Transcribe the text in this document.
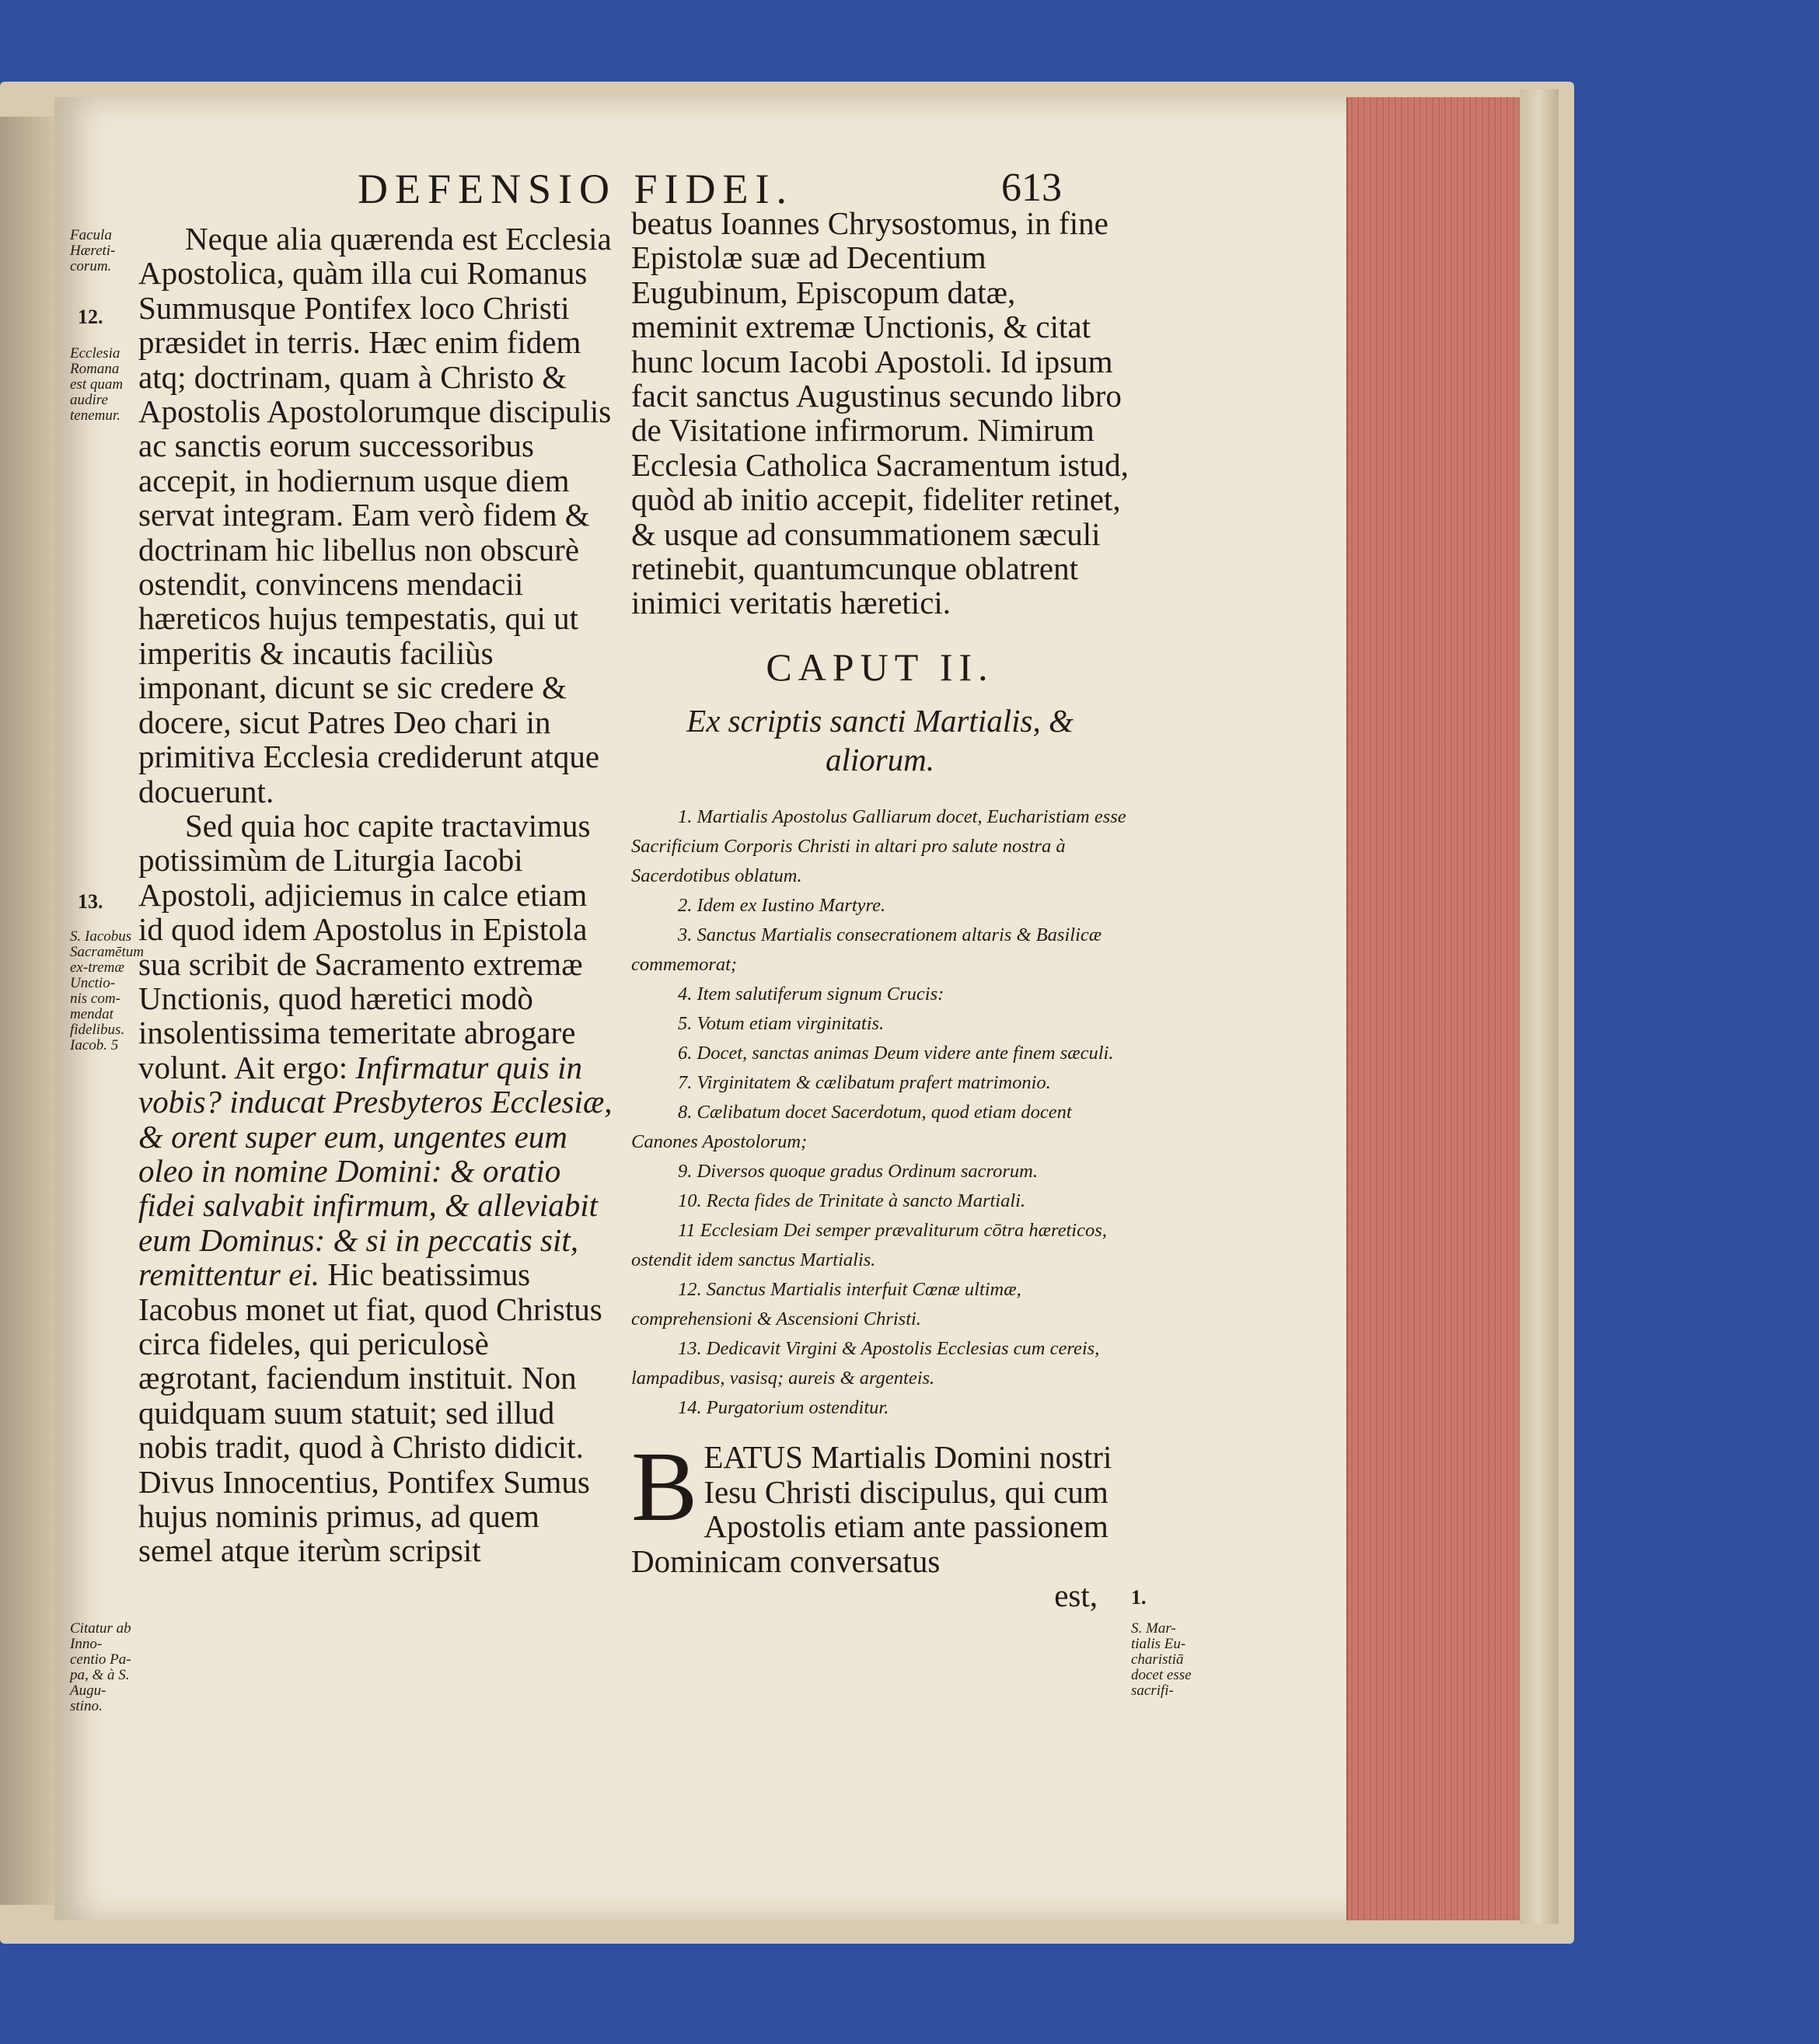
DEFENSIO FIDEI.	613
Facula Hæreti-corum.
12.
Ecclesia Romana est quam audire tenemur.
13.
S. Iacobus Sacramētum ex-tremæ Unctio-nis com-mendat fidelibus. Iacob. 5
Citatur ab Inno-centio Pa-pa, & à S. Augu-stino.
1.
S. Mar-tialis Eu-charistiā docet esse sacrifi-

Neque alia quærenda est Ecclesia Apostolica, quàm illa cui Romanus Summusque Pontifex loco Christi præsidet in terris. Hæc enim fidem atq; doctrinam, quam à Christo & Apostolis Apostolorumque discipulis ac sanctis eorum successoribus accepit, in hodiernum usque diem servat integram. Eam verò fidem & doctrinam hic libellus non obscurè ostendit, convincens mendacii hæreticos hujus tempestatis, qui ut imperitis & incautis faciliùs imponant, dicunt se sic credere & docere, sicut Patres Deo chari in primitiva Ecclesia crediderunt atque docuerunt.

Sed quia hoc capite tractavimus potissimùm de Liturgia Iacobi Apostoli, adjiciemus in calce etiam id quod idem Apostolus in Epistola sua scribit de Sacramento extremæ Unctionis, quod hæretici modò insolentissima temeritate abrogare volunt. Ait ergo: Infirmatur quis in vobis? inducat Presbyteros Ecclesiæ, & orent super eum, ungentes eum oleo in nomine Domini: & oratio fidei salvabit infirmum, & alleviabit eum Dominus: & si in peccatis sit, remittentur ei. Hic beatissimus Iacobus monet ut fiat, quod Christus circa fideles, qui periculosè ægrotant, faciendum instituit. Non quidquam suum statuit; sed illud nobis tradit, quod à Christo didicit. Divus Innocentius, Pontifex Sumus hujus nominis primus, ad quem semel atque iterùm scripsit

beatus Ioannes Chrysostomus, in fine Epistolæ suæ ad Decentium Eugubinum, Episcopum datæ, meminit extremæ Unctionis, & citat hunc locum Iacobi Apostoli. Id ipsum facit sanctus Augustinus secundo libro de Visitatione infirmorum. Nimirum Ecclesia Catholica Sacramentum istud, quòd ab initio accepit, fideliter retinet, & usque ad consummationem sæculi retinebit, quantumcunque oblatrent inimici veritatis hæretici.

CAPUT II.

Ex scriptis sancti Martialis, &
aliorum.

1. Martialis Apostolus Galliarum docet, Eucharistiam esse Sacrificium Corporis Christi in altari pro salute nostra à Sacerdotibus oblatum.
2. Idem ex Iustino Martyre.
3. Sanctus Martialis consecrationem altaris & Basilicæ commemorat;
4. Item salutiferum signum Crucis:
5. Votum etiam virginitatis.
6. Docet, sanctas animas Deum videre ante finem sæculi.
7. Virginitatem & cælibatum prafert matrimonio.
8. Cælibatum docet Sacerdotum, quod etiam docent Canones Apostolorum;
9. Diversos quoque gradus Ordinum sacrorum.
10. Recta fides de Trinitate à sancto Martiali.
11 Ecclesiam Dei semper prævaliturum cōtra hæreticos, ostendit idem sanctus Martialis.
12. Sanctus Martialis interfuit Cœnæ ultimæ, comprehensioni & Ascensioni Christi.
13. Dedicavit Virgini & Apostolis Ecclesias cum cereis, lampadibus, vasisq; aureis & argenteis.
14. Purgatorium ostenditur.

B EATUS Martialis Domini nostri Iesu Christi discipulus, qui cum Apostolis etiam ante passionem Dominicam conversatus

est,
